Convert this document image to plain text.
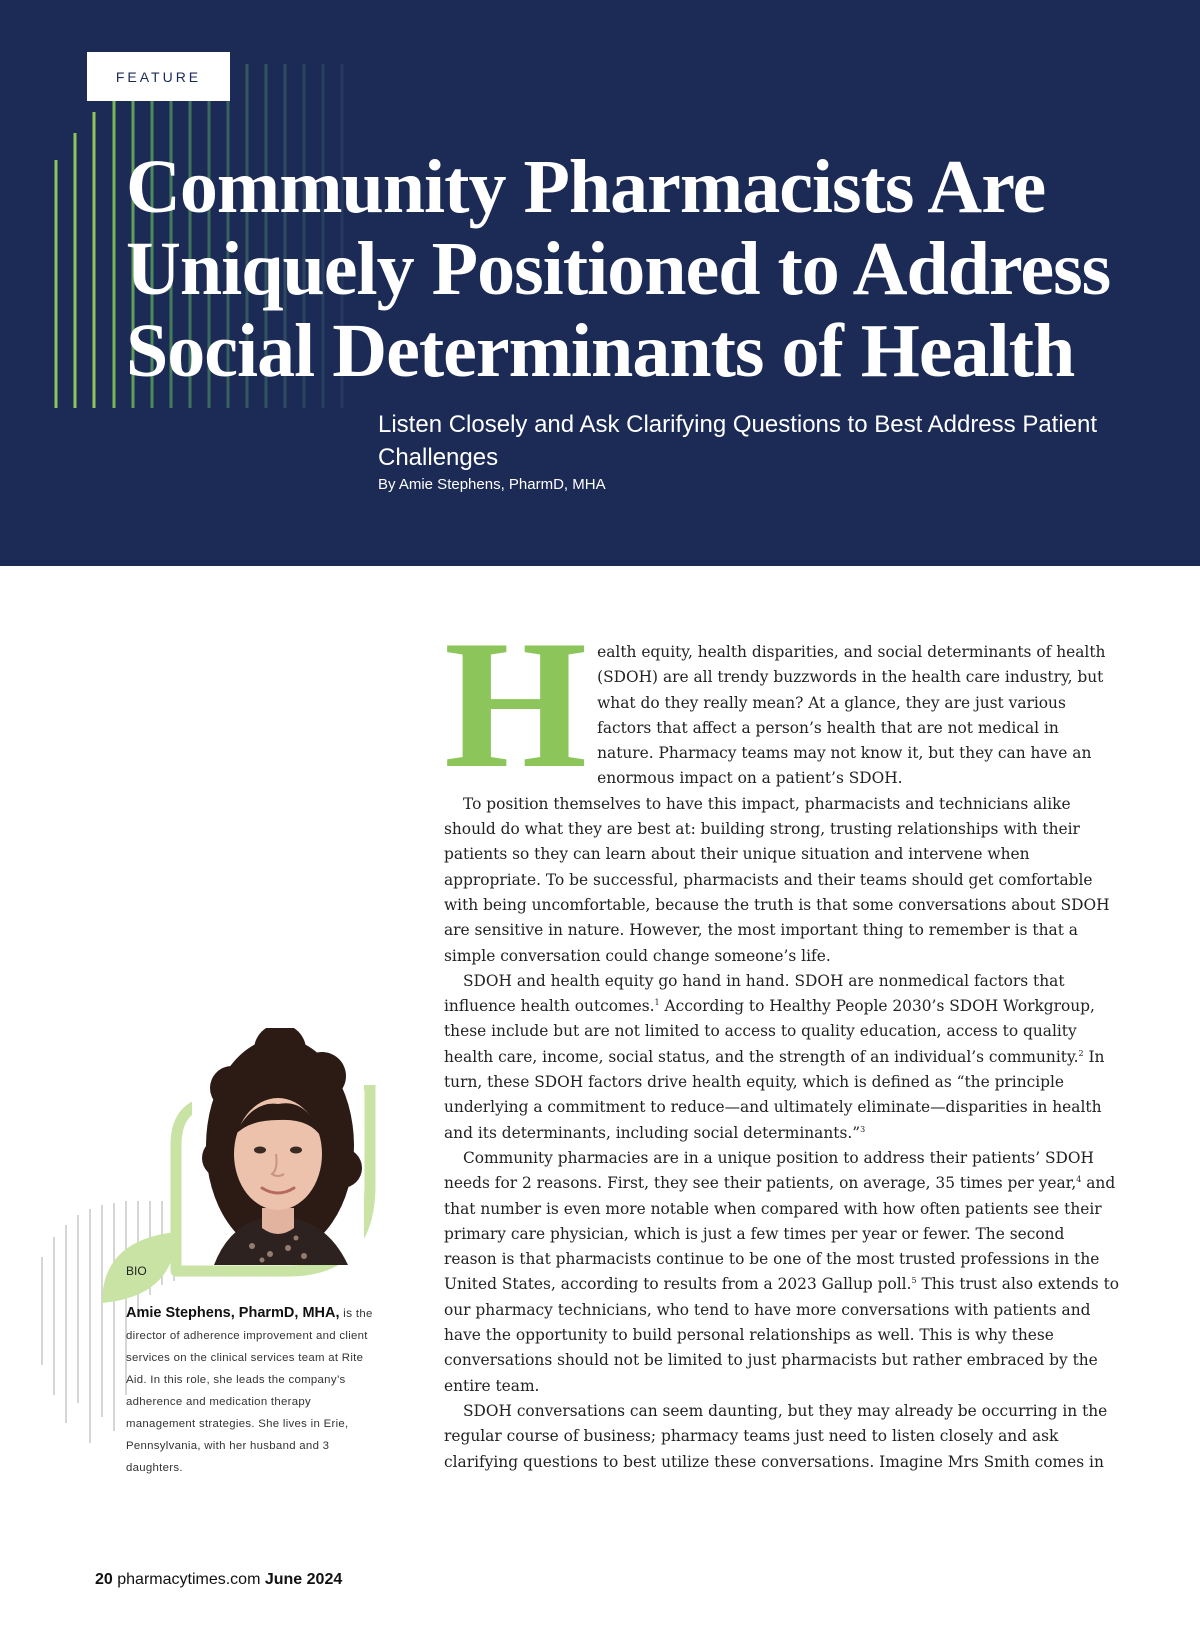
FEATURE
Community Pharmacists Are Uniquely Positioned to Address Social Determinants of Health
Listen Closely and Ask Clarifying Questions to Best Address Patient Challenges
By Amie Stephens, PharmD, MHA

Health equity, health disparities, and social determinants of health (SDOH) are all trendy buzzwords in the health care industry, but what do they really mean? At a glance, they are just various factors that affect a person’s health that are not medical in nature. Pharmacy teams may not know it, but they can have an enormous impact on a patient’s SDOH.

To position themselves to have this impact, pharmacists and technicians alike should do what they are best at: building strong, trusting relationships with their patients so they can learn about their unique situation and intervene when appropriate. To be successful, pharmacists and their teams should get comfortable with being uncomfortable, because the truth is that some conversations about SDOH are sensitive in nature. However, the most important thing to remember is that a simple conversation could change someone’s life.

SDOH and health equity go hand in hand. SDOH are nonmedical factors that influence health outcomes.$^1$ According to Healthy People 2030’s SDOH Workgroup, these include but are not limited to access to quality education, access to quality health care, income, social status, and the strength of an individual’s community.$^2$ In turn, these SDOH factors drive health equity, which is defined as “the principle underlying a commitment to reduce—and ultimately eliminate—disparities in health and its determinants, including social determinants.”$^3$

Community pharmacies are in a unique position to address their patients’ SDOH needs for 2 reasons. First, they see their patients, on average, 35 times per year,$^4$ and that number is even more notable when compared with how often patients see their primary care physician, which is just a few times per year or fewer. The second reason is that pharmacists continue to be one of the most trusted professions in the United States, according to results from a 2023 Gallup poll.$^5$ This trust also extends to our pharmacy technicians, who tend to have more conversations with patients and have the opportunity to build personal relationships as well. This is why these conversations should not be limited to just pharmacists but rather embraced by the entire team.

SDOH conversations can seem daunting, but they may already be occurring in the regular course of business; pharmacy teams just need to listen closely and ask clarifying questions to best utilize these conversations. Imagine Mrs Smith comes in

BIO

Amie Stephens, PharmD, MHA, is the director of adherence improvement and client services on the clinical services team at Rite Aid. In this role, she leads the company’s adherence and medication therapy management strategies. She lives in Erie, Pennsylvania, with her husband and 3 daughters.

20 pharmacytimes.com June 2024
